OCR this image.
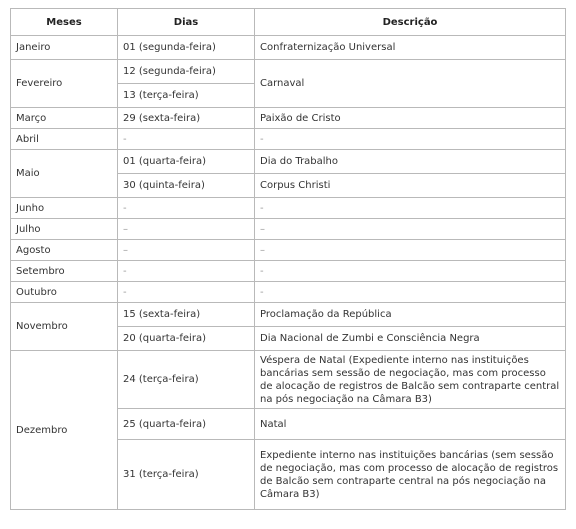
Meses	Dias	Descrição
Janeiro	01 (segunda-feira)	Confraternização Universal
Fevereiro	12 (segunda-feira)	Carnaval
	13 (terça-feira)	
Março	29 (sexta-feira)	Paixão de Cristo
Abril	-	-
Maio	01 (quarta-feira)	Dia do Trabalho
	30 (quinta-feira)	Corpus Christi
Junho	-	-
Julho	–	–
Agosto	–	–
Setembro	-	-
Outubro	-	-
Novembro	15 (sexta-feira)	Proclamação da República
	20 (quarta-feira)	Dia Nacional de Zumbi e Consciência Negra
Dezembro	24 (terça-feira)	Véspera de Natal (Expediente interno nas instituições bancárias sem sessão de negociação, mas com processo de alocação de registros de Balcão sem contraparte central na pós negociação na Câmara B3)
	25 (quarta-feira)	Natal
	31 (terça-feira)	Expediente interno nas instituições bancárias (sem sessão de negociação, mas com processo de alocação de registros de Balcão sem contraparte central na pós negociação na Câmara B3)
